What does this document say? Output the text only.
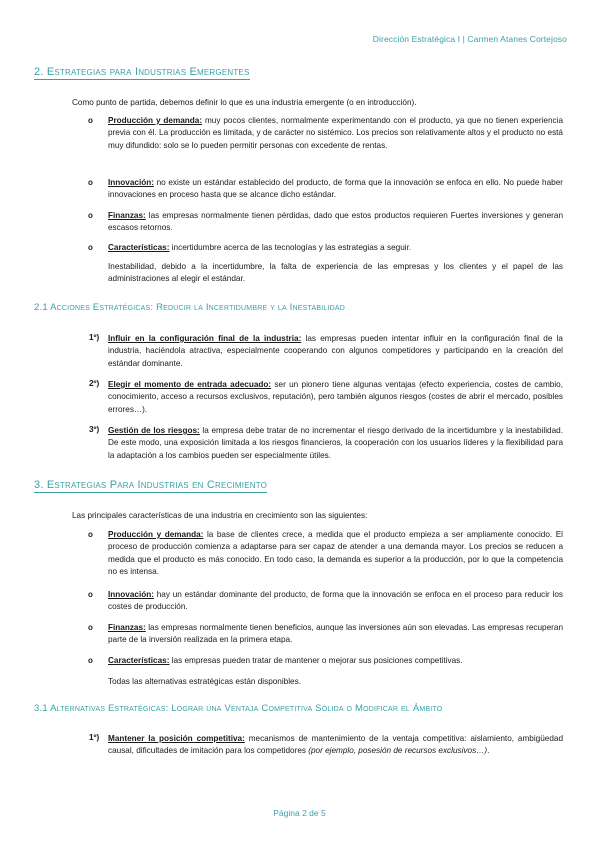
Dirección Estratégica I | Carmen Atanes Cortejoso
2. Estrategias para Industrias Emergentes
Como punto de partida, debemos definir lo que es una industria emergente (o en introducción).
o Producción y demanda: muy pocos clientes, normalmente experimentando con el producto, ya que no tienen experiencia previa con él. La producción es limitada, y de carácter no sistémico. Los precios son relativamente altos y el producto no está muy difundido: solo se lo pueden permitir personas con excedente de rentas.
o Innovación: no existe un estándar establecido del producto, de forma que la innovación se enfoca en ello. No puede haber innovaciones en proceso hasta que se alcance dicho estándar.
o Finanzas: las empresas normalmente tienen pérdidas, dado que estos productos requieren Fuertes inversiones y generan escasos retornos.
o Características: incertidumbre acerca de las tecnologías y las estrategias a seguir.
Inestabilidad, debido a la incertidumbre, la falta de experiencia de las empresas y los clientes y el papel de las administraciones al elegir el estándar.
2.1 Acciones Estratégicas: Reducir la Incertidumbre y la Inestabilidad
1º) Influir en la configuración final de la industria: las empresas pueden intentar influir en la configuración final de la industria, haciéndola atractiva, especialmente cooperando con algunos competidores y participando en la creación del estándar dominante.
2º) Elegir el momento de entrada adecuado: ser un pionero tiene algunas ventajas (efecto experiencia, costes de cambio, conocimiento, acceso a recursos exclusivos, reputación), pero también algunos riesgos (costes de abrir el mercado, posibles errores…).
3º) Gestión de los riesgos: la empresa debe tratar de no incrementar el riesgo derivado de la incertidumbre y la inestabilidad. De este modo, una exposición limitada a los riesgos financieros, la cooperación con los usuarios líderes y la flexibilidad para la adaptación a los cambios pueden ser especialmente útiles.
3. Estrategias Para Industrias en Crecimiento
Las principales características de una industria en crecimiento son las siguientes:
o Producción y demanda: la base de clientes crece, a medida que el producto empieza a ser ampliamente conocido. El proceso de producción comienza a adaptarse para ser capaz de atender a una demanda mayor. Los precios se reducen a medida que el producto es más conocido. En todo caso, la demanda es superior a la producción, por lo que la competencia no es intensa.
o Innovación: hay un estándar dominante del producto, de forma que la innovación se enfoca en el proceso para reducir los costes de producción.
o Finanzas: las empresas normalmente tienen beneficios, aunque las inversiones aún son elevadas. Las empresas recuperan parte de la inversión realizada en la primera etapa.
o Características: las empresas pueden tratar de mantener o mejorar sus posiciones competitivas.
Todas las alternativas estratégicas están disponibles.
3.1 Alternativas Estratégicas: Lograr una Ventaja Competitiva Sólida o Modificar el Ámbito
1º) Mantener la posición competitiva: mecanismos de mantenimiento de la ventaja competitiva: aislamiento, ambigüedad causal, dificultades de imitación para los competidores (por ejemplo, posesión de recursos exclusivos…).
Página 2 de 5
